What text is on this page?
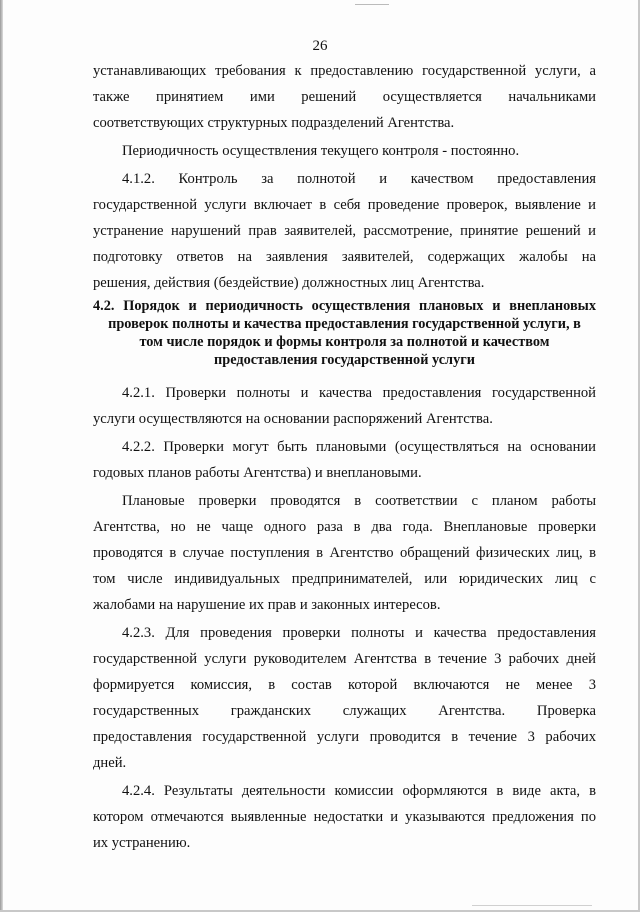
26

устанавливающих требования к предоставлению государственной услуги, а

также принятием ими решений осуществляется начальниками

соответствующих структурных подразделений Агентства.

Периодичность осуществления текущего контроля - постоянно.

4.1.2. Контроль за полнотой и качеством предоставления

государственной услуги включает в себя проведение проверок, выявление и

устранение нарушений прав заявителей, рассмотрение, принятие решений и

подготовку ответов на заявления заявителей, содержащих жалобы на

решения, действия (бездействие) должностных лиц Агентства.

4.2. Порядок и периодичность осуществления плановых и внеплановых

проверок полноты и качества предоставления государственной услуги, в

том числе порядок и формы контроля за полнотой и качеством

предоставления государственной услуги

4.2.1. Проверки полноты и качества предоставления государственной

услуги осуществляются на основании распоряжений Агентства.

4.2.2. Проверки могут быть плановыми (осуществляться на основании

годовых планов работы Агентства) и внеплановыми.

Плановые проверки проводятся в соответствии с планом работы

Агентства, но не чаще одного раза в два года. Внеплановые проверки

проводятся в случае поступления в Агентство обращений физических лиц, в

том числе индивидуальных предпринимателей, или юридических лиц с

жалобами на нарушение их прав и законных интересов.

4.2.3. Для проведения проверки полноты и качества предоставления

государственной услуги руководителем Агентства в течение 3 рабочих дней

формируется комиссия, в состав которой включаются не менее 3

государственных гражданских служащих Агентства. Проверка

предоставления государственной услуги проводится в течение 3 рабочих

дней.

4.2.4. Результаты деятельности комиссии оформляются в виде акта, в

котором отмечаются выявленные недостатки и указываются предложения по

их устранению.
